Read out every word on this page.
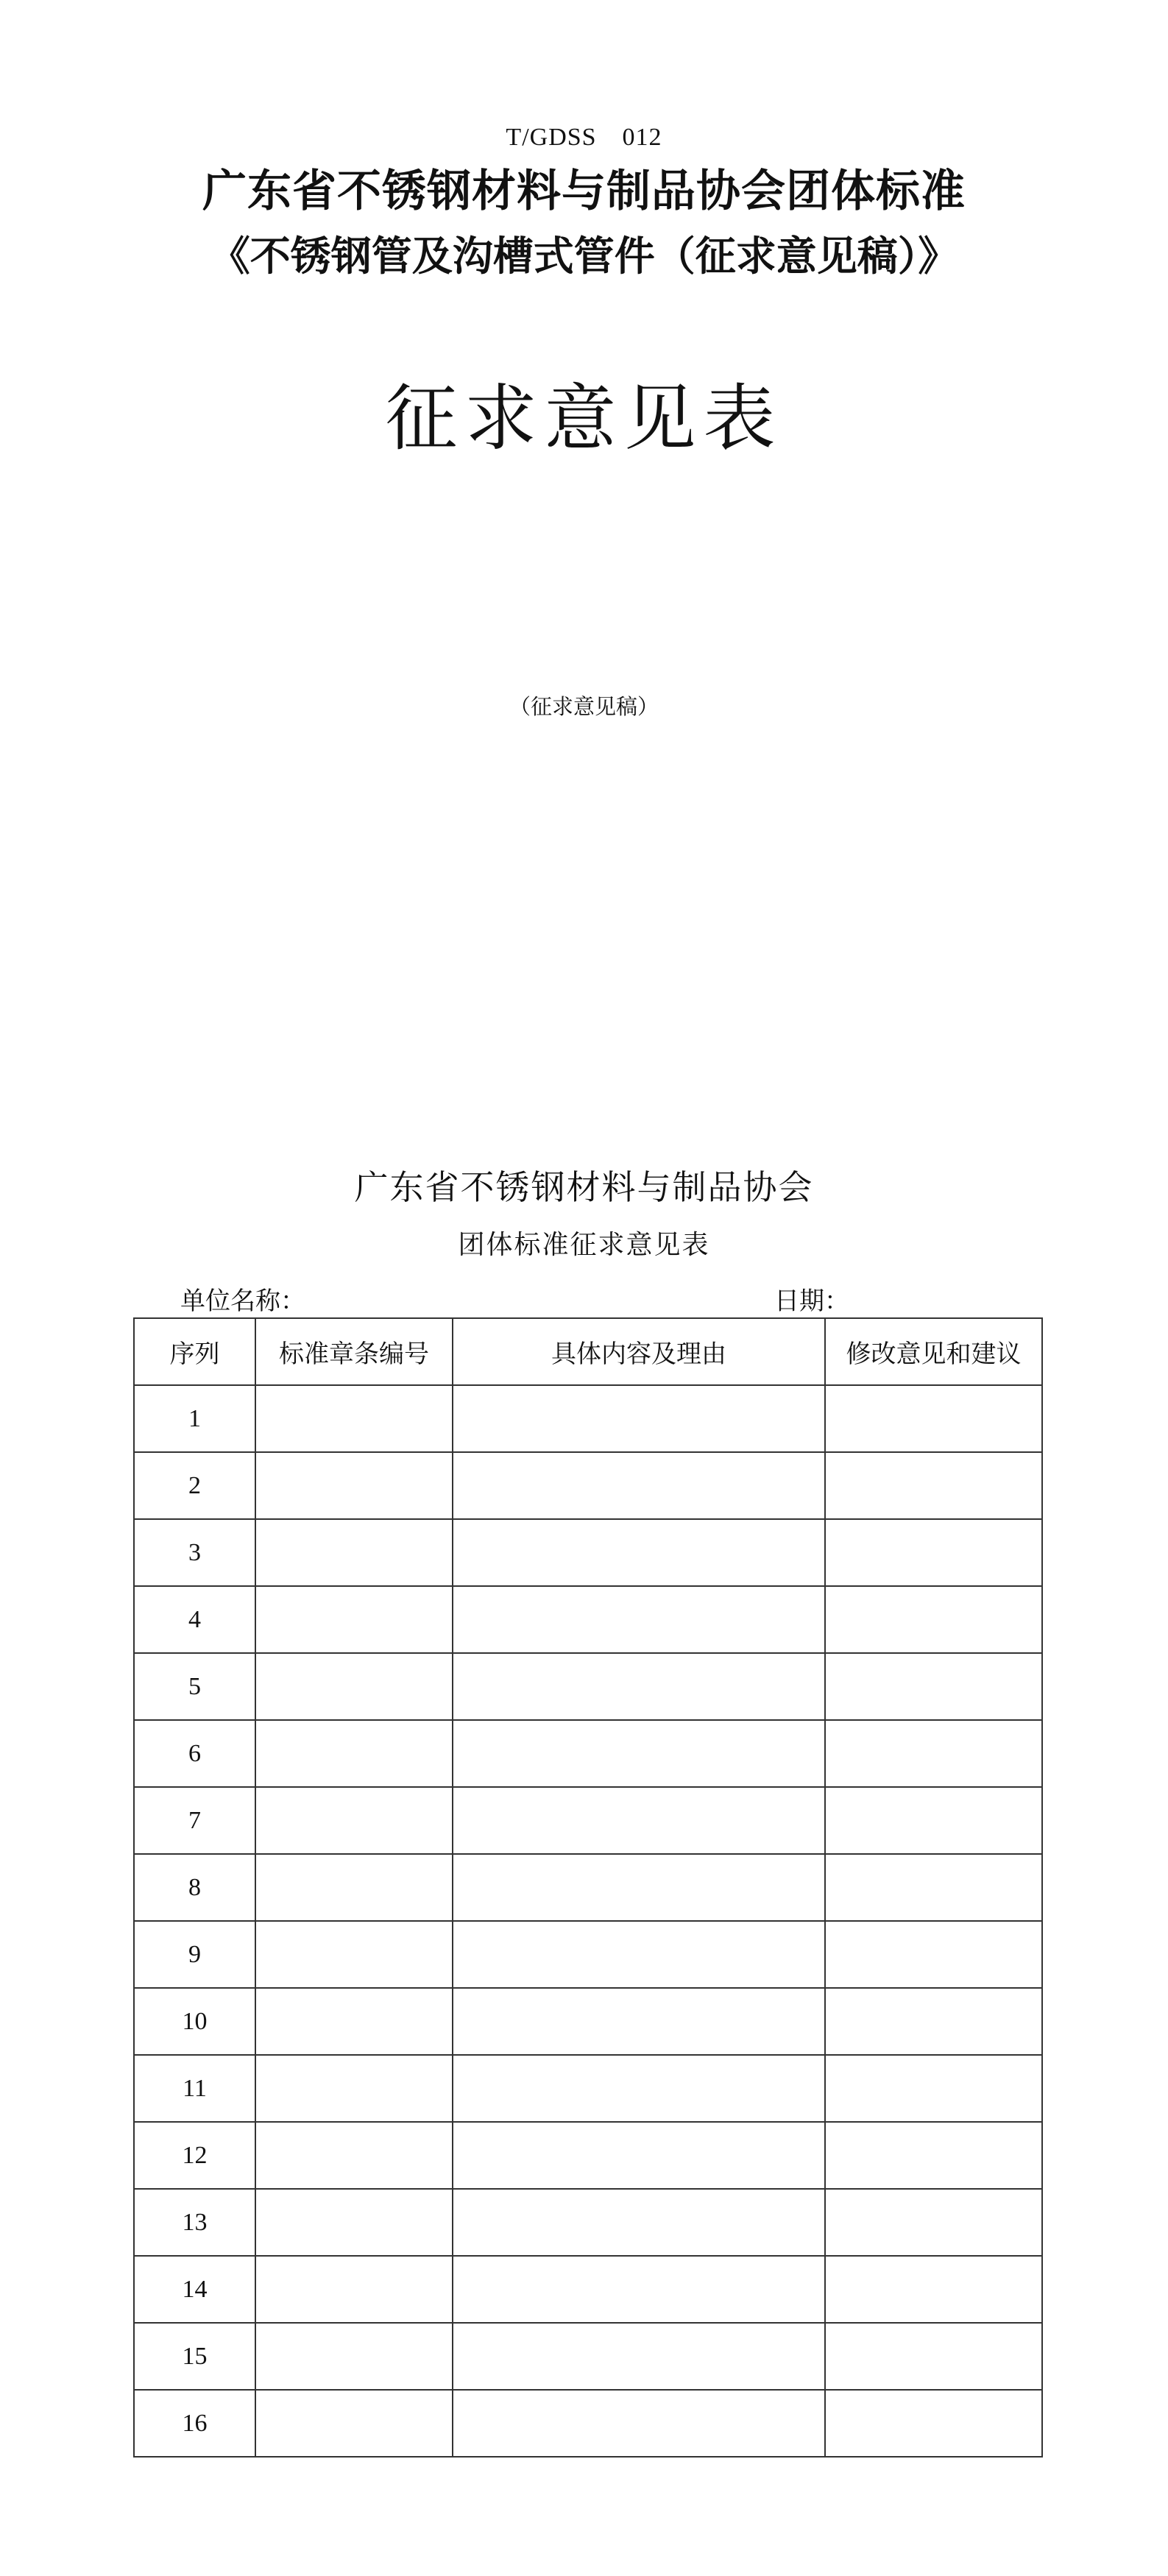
T/GDSS　012
广东省不锈钢材料与制品协会团体标准
《不锈钢管及沟槽式管件（征求意见稿）》
征求意见表
（征求意见稿）
广东省不锈钢材料与制品协会
团体标准征求意见表
单位名称：	日期：
序列	标准章条编号	具体内容及理由	修改意见和建议
1			
2			
3			
4			
5			
6			
7			
8			
9			
10			
11			
12			
13			
14			
15			
16			
